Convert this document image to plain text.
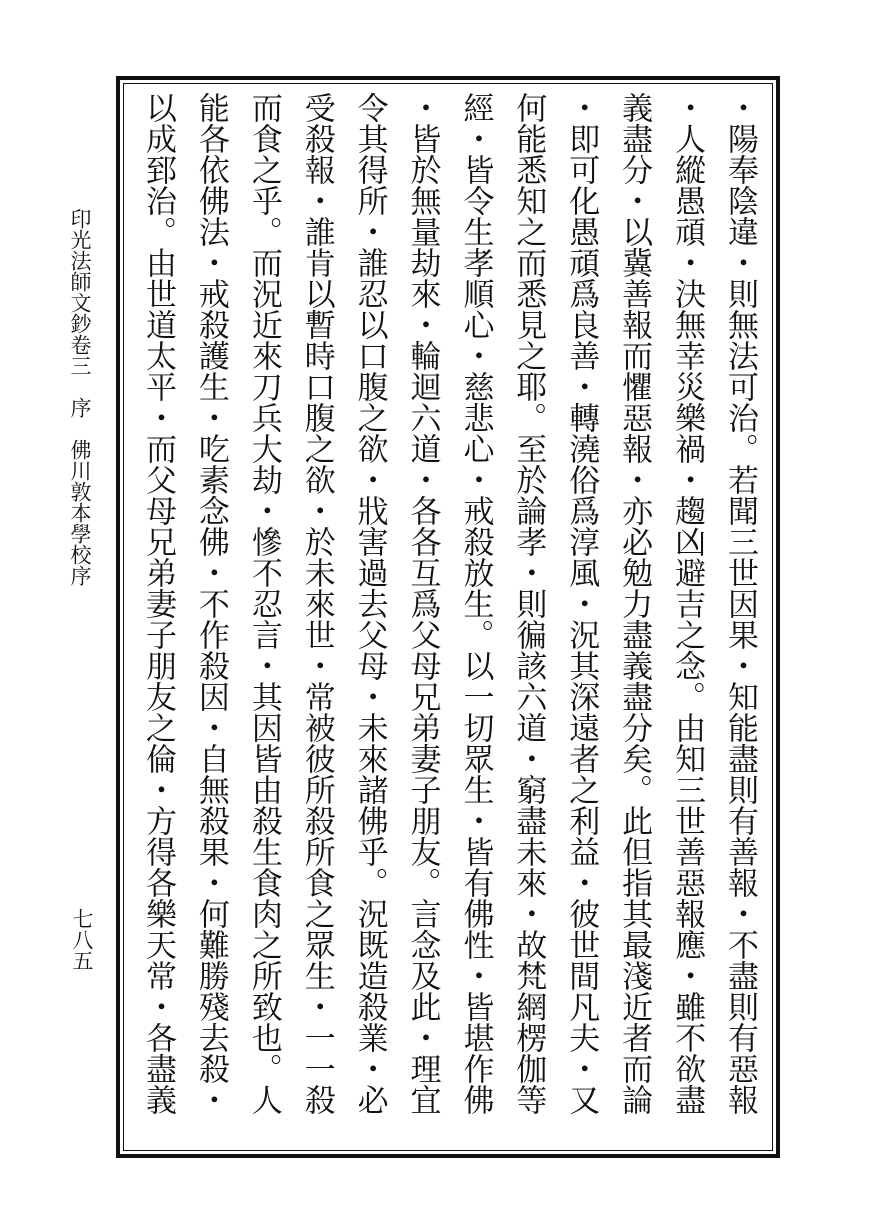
・陽奉陰違・則無法可治。若聞三世因果・知能盡則有善報・不盡則有惡報
・人縱愚頑・決無幸災樂禍・趨凶避吉之念。由知三世善惡報應・雖不欲盡
義盡分・以冀善報而懼惡報・亦必勉力盡義盡分矣。此但指其最淺近者而論
・即可化愚頑爲良善・轉澆俗爲淳風・況其深遠者之利益・彼世間凡夫・又
何能悉知之而悉見之耶。至於論孝・則徧該六道・窮盡未來・故梵網楞伽等
經・皆令生孝順心・慈悲心・戒殺放生。以一切眾生・皆有佛性・皆堪作佛
・皆於無量劫來・輪迴六道・各各互爲父母兄弟妻子朋友。言念及此・理宜
令其得所・誰忍以口腹之欲・戕害過去父母・未來諸佛乎。況既造殺業・必
受殺報・誰肯以暫時口腹之欲・於未來世・常被彼所殺所食之眾生・一一殺
而食之乎。而況近來刀兵大劫・慘不忍言・其因皆由殺生食肉之所致也。人
能各依佛法・戒殺護生・吃素念佛・不作殺因・自無殺果・何難勝殘去殺・
以成郅治。由世道太平・而父母兄弟妻子朋友之倫・方得各樂天常・各盡義
印光法師文鈔卷三　序　佛川敦本學校序
七八五
